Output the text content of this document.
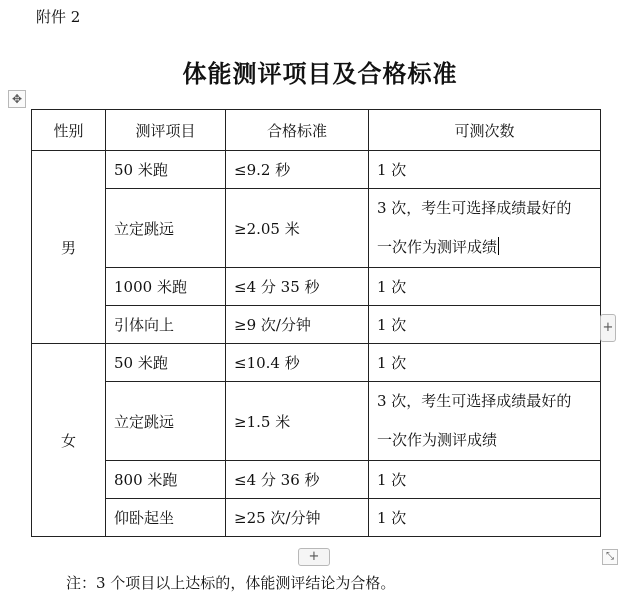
附件 2
体能测评项目及合格标准
✥
性别	测评项目	合格标准	可测次数
男	50 米跑	≤9.2 秒	1 次
	立定跳远	≥2.05 米	3 次，考生可选择成绩最好的
一次作为测评成绩
	1000 米跑	≤4 分 35 秒	1 次
	引体向上	≥9 次/分钟	1 次
女	50 米跑	≤10.4 秒	1 次
	立定跳远	≥1.5 米	3 次，考生可选择成绩最好的
一次作为测评成绩
	800 米跑	≤4 分 36 秒	1 次
	仰卧起坐	≥25 次/分钟	1 次
+
+	⤡
注：3 个项目以上达标的，体能测评结论为合格。
